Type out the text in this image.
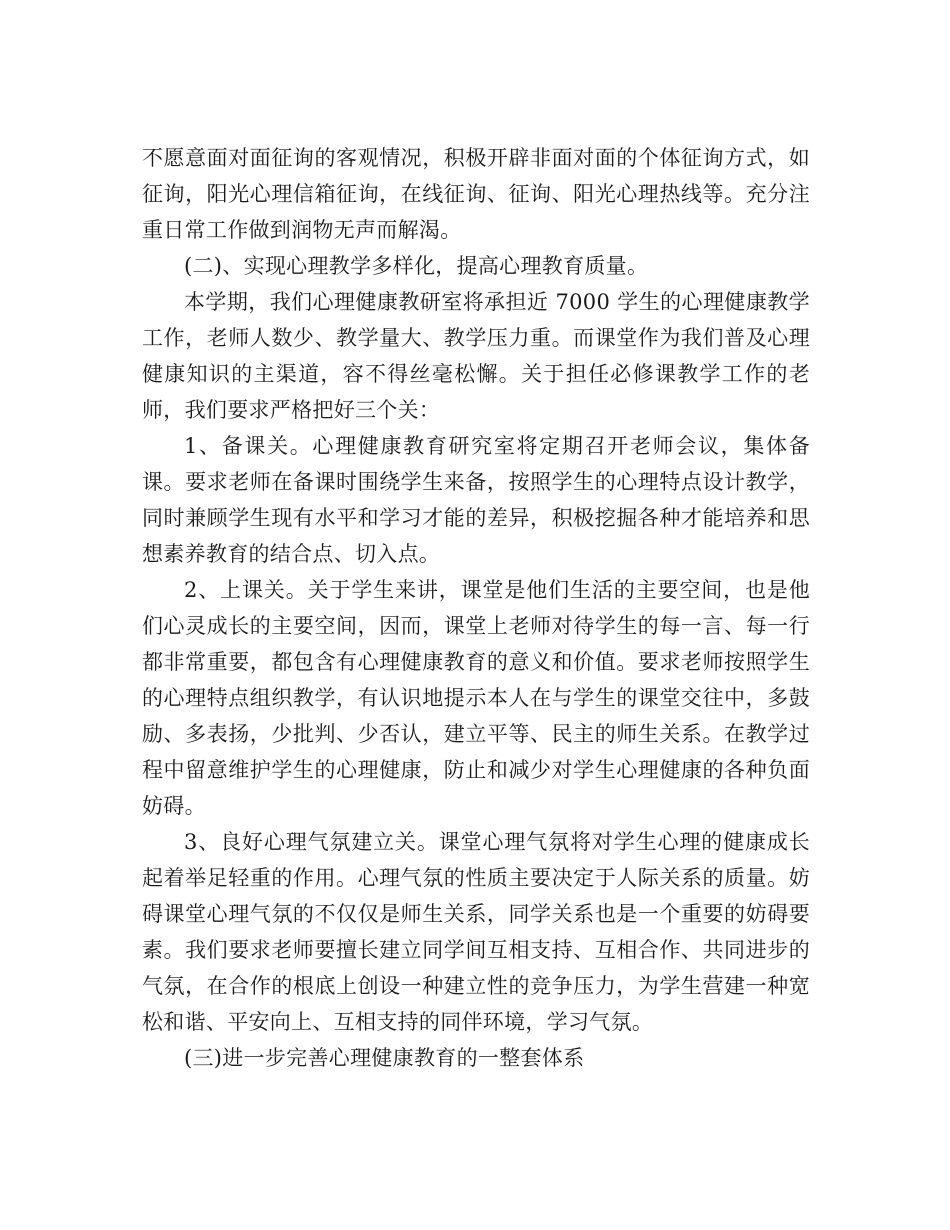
不愿意面对面征询的客观情况，积极开辟非面对面的个体征询方式，如征询，阳光心理信箱征询，在线征询、征询、阳光心理热线等。充分注重日常工作做到润物无声而解渴。

(二)、实现心理教学多样化，提高心理教育质量。

本学期，我们心理健康教研室将承担近 7000 学生的心理健康教学工作，老师人数少、教学量大、教学压力重。而课堂作为我们普及心理健康知识的主渠道，容不得丝毫松懈。关于担任必修课教学工作的老师，我们要求严格把好三个关：

1、备课关。心理健康教育研究室将定期召开老师会议，集体备课。要求老师在备课时围绕学生来备，按照学生的心理特点设计教学，同时兼顾学生现有水平和学习才能的差异，积极挖掘各种才能培养和思想素养教育的结合点、切入点。

2、上课关。关于学生来讲，课堂是他们生活的主要空间，也是他们心灵成长的主要空间，因而，课堂上老师对待学生的每一言、每一行都非常重要，都包含有心理健康教育的意义和价值。要求老师按照学生的心理特点组织教学，有认识地提示本人在与学生的课堂交往中，多鼓励、多表扬，少批判、少否认，建立平等、民主的师生关系。在教学过程中留意维护学生的心理健康，防止和减少对学生心理健康的各种负面妨碍。

3、良好心理气氛建立关。课堂心理气氛将对学生心理的健康成长起着举足轻重的作用。心理气氛的性质主要决定于人际关系的质量。妨碍课堂心理气氛的不仅仅是师生关系，同学关系也是一个重要的妨碍要素。我们要求老师要擅长建立同学间互相支持、互相合作、共同进步的气氛，在合作的根底上创设一种建立性的竞争压力，为学生营建一种宽松和谐、平安向上、互相支持的同伴环境，学习气氛。

(三)进一步完善心理健康教育的一整套体系
